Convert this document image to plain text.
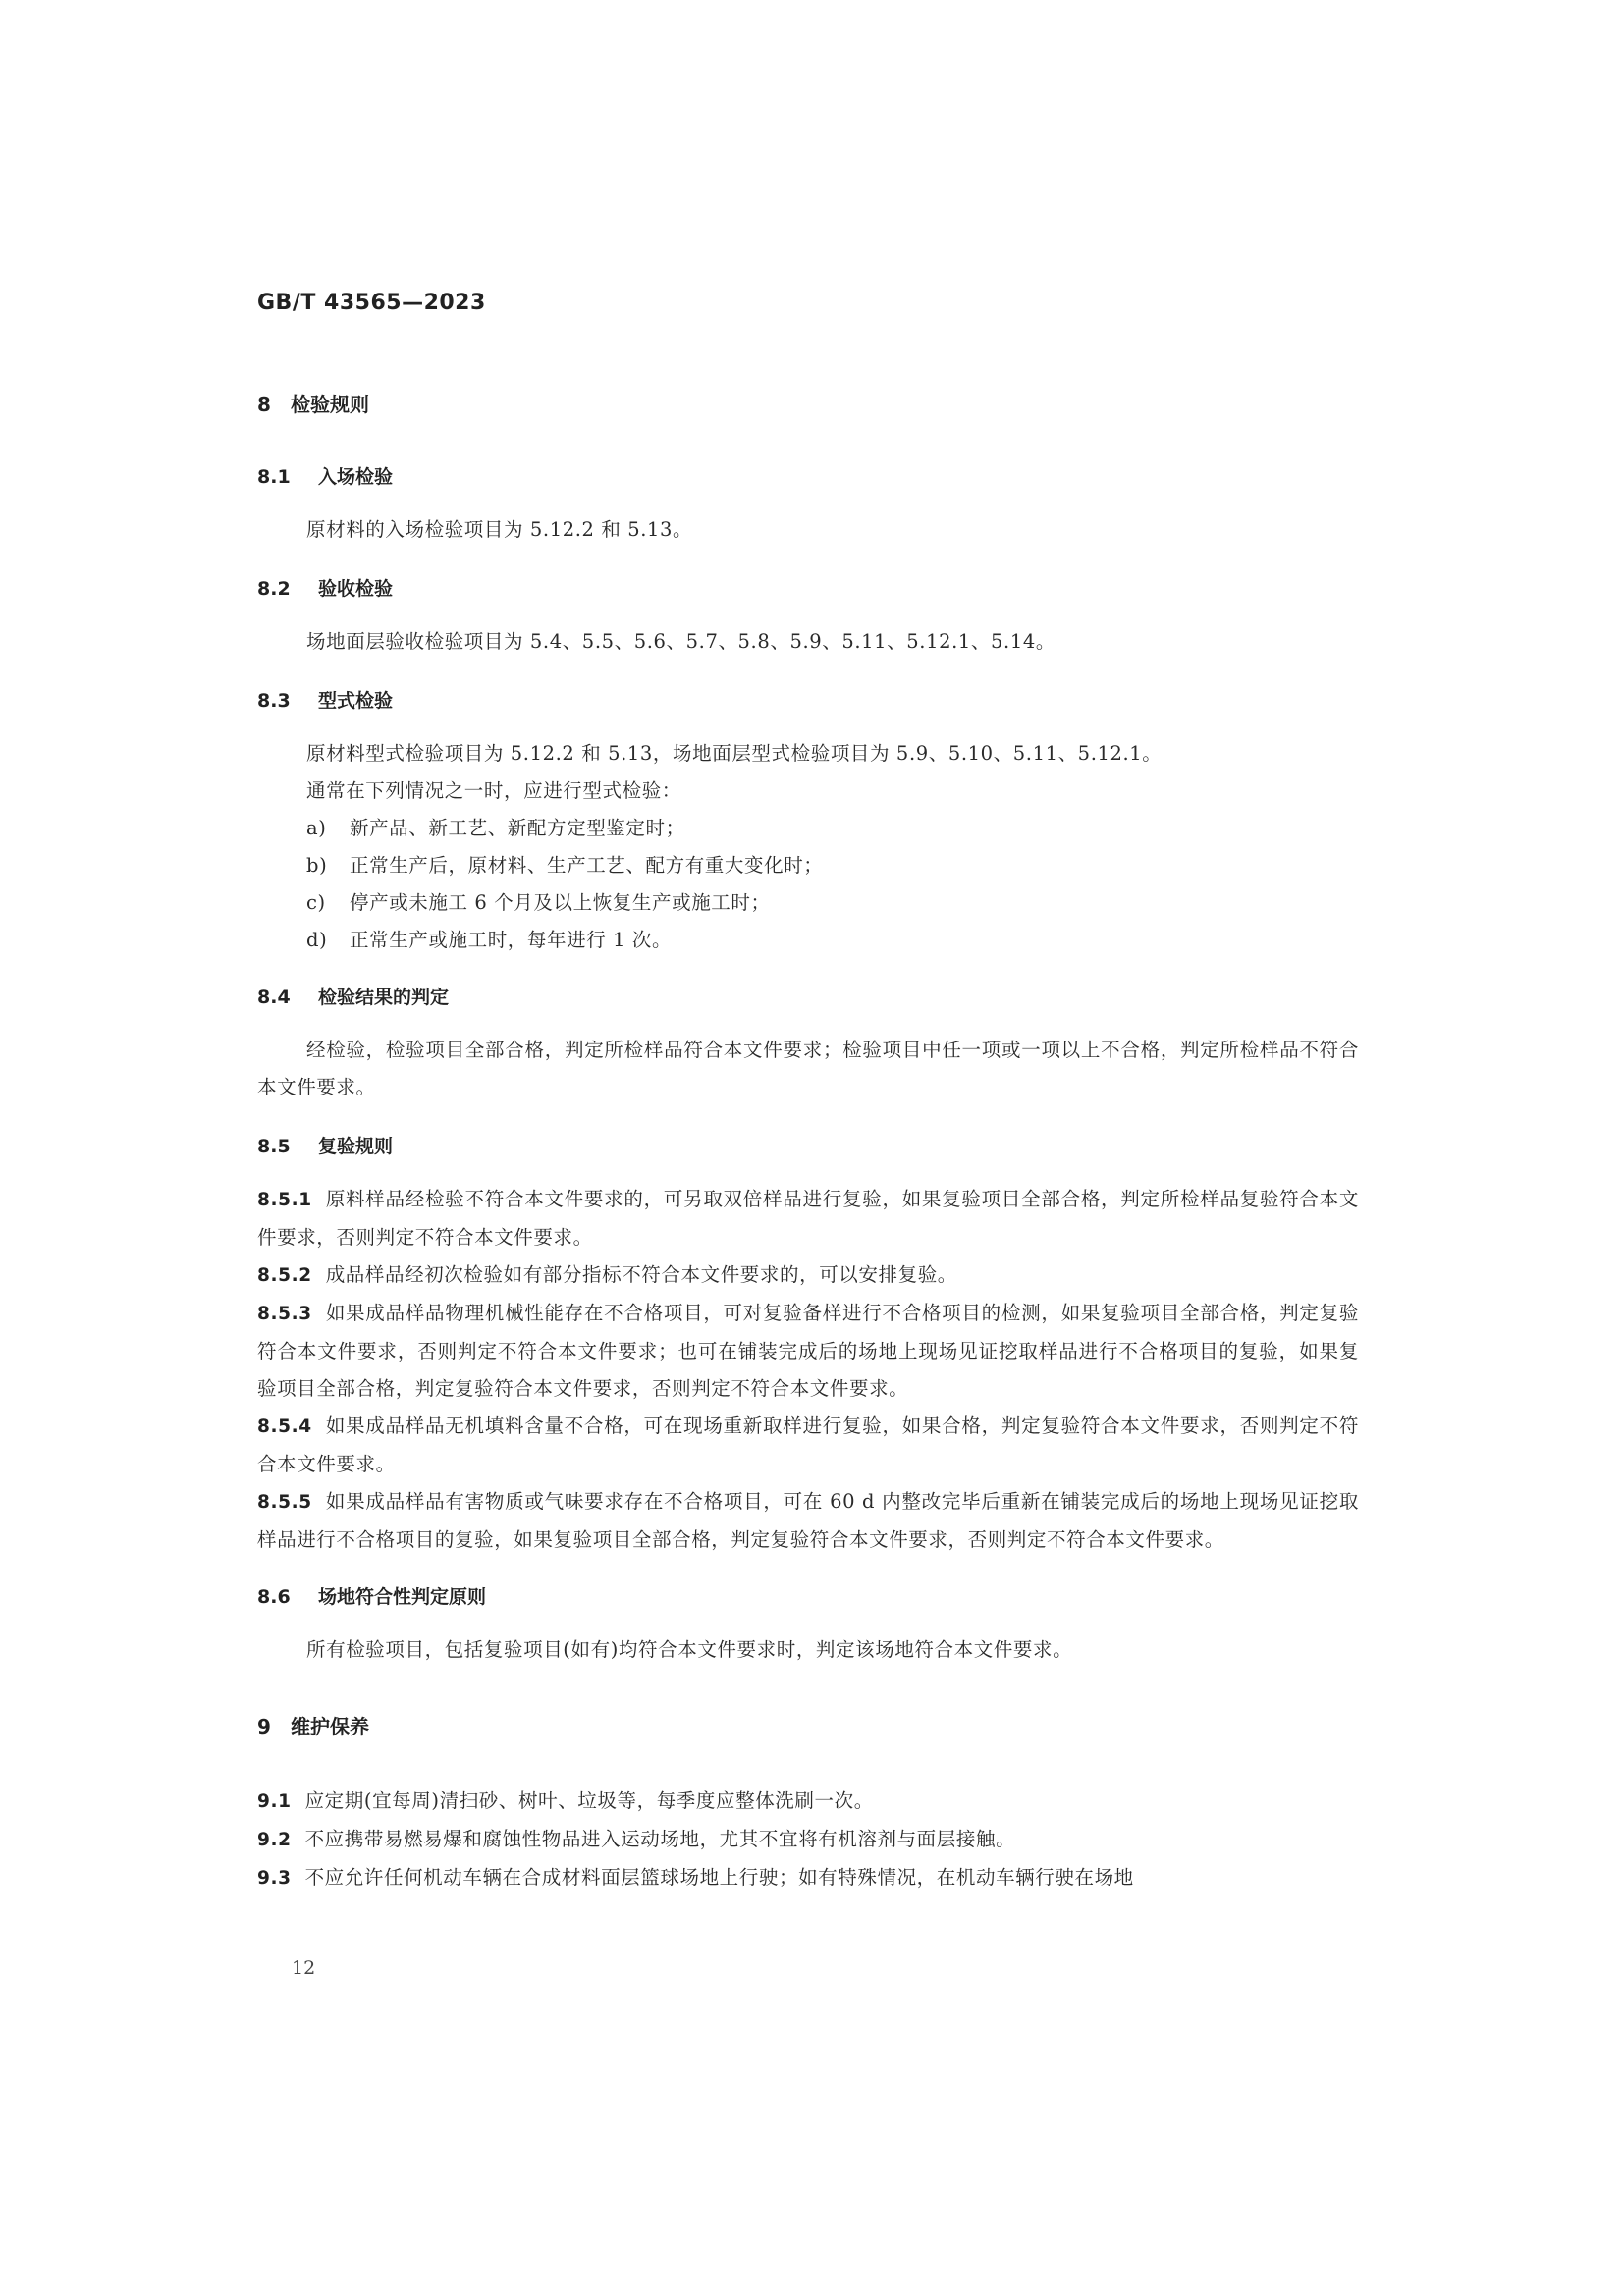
GB/T 43565—2023
8 检验规则
8.1 入场检验

原材料的入场检验项目为 5.12.2 和 5.13。

8.2 验收检验

场地面层验收检验项目为 5.4、5.5、5.6、5.7、5.8、5.9、5.11、5.12.1、5.14。

8.3 型式检验

原材料型式检验项目为 5.12.2 和 5.13，场地面层型式检验项目为 5.9、5.10、5.11、5.12.1。

通常在下列情况之一时，应进行型式检验：

a) 新产品、新工艺、新配方定型鉴定时；
b) 正常生产后，原材料、生产工艺、配方有重大变化时；
c) 停产或未施工 6 个月及以上恢复生产或施工时；
d) 正常生产或施工时，每年进行 1 次。
8.4 检验结果的判定

经检验，检验项目全部合格，判定所检样品符合本文件要求；检验项目中任一项或一项以上不合格，判定所检样品不符合本文件要求。

8.5 复验规则

8.5.1 原料样品经检验不符合本文件要求的，可另取双倍样品进行复验，如果复验项目全部合格，判定所检样品复验符合本文件要求，否则判定不符合本文件要求。

8.5.2 成品样品经初次检验如有部分指标不符合本文件要求的，可以安排复验。

8.5.3 如果成品样品物理机械性能存在不合格项目，可对复验备样进行不合格项目的检测，如果复验项目全部合格，判定复验符合本文件要求，否则判定不符合本文件要求；也可在铺装完成后的场地上现场见证挖取样品进行不合格项目的复验，如果复验项目全部合格，判定复验符合本文件要求，否则判定不符合本文件要求。

8.5.4 如果成品样品无机填料含量不合格，可在现场重新取样进行复验，如果合格，判定复验符合本文件要求，否则判定不符合本文件要求。

8.5.5 如果成品样品有害物质或气味要求存在不合格项目，可在 60 d 内整改完毕后重新在铺装完成后的场地上现场见证挖取样品进行不合格项目的复验，如果复验项目全部合格，判定复验符合本文件要求，否则判定不符合本文件要求。

8.6 场地符合性判定原则

所有检验项目，包括复验项目(如有)均符合本文件要求时，判定该场地符合本文件要求。

9 维护保养

9.1 应定期(宜每周)清扫砂、树叶、垃圾等，每季度应整体洗刷一次。

9.2 不应携带易燃易爆和腐蚀性物品进入运动场地，尤其不宜将有机溶剂与面层接触。

9.3 不应允许任何机动车辆在合成材料面层篮球场地上行驶；如有特殊情况，在机动车辆行驶在场地

12
